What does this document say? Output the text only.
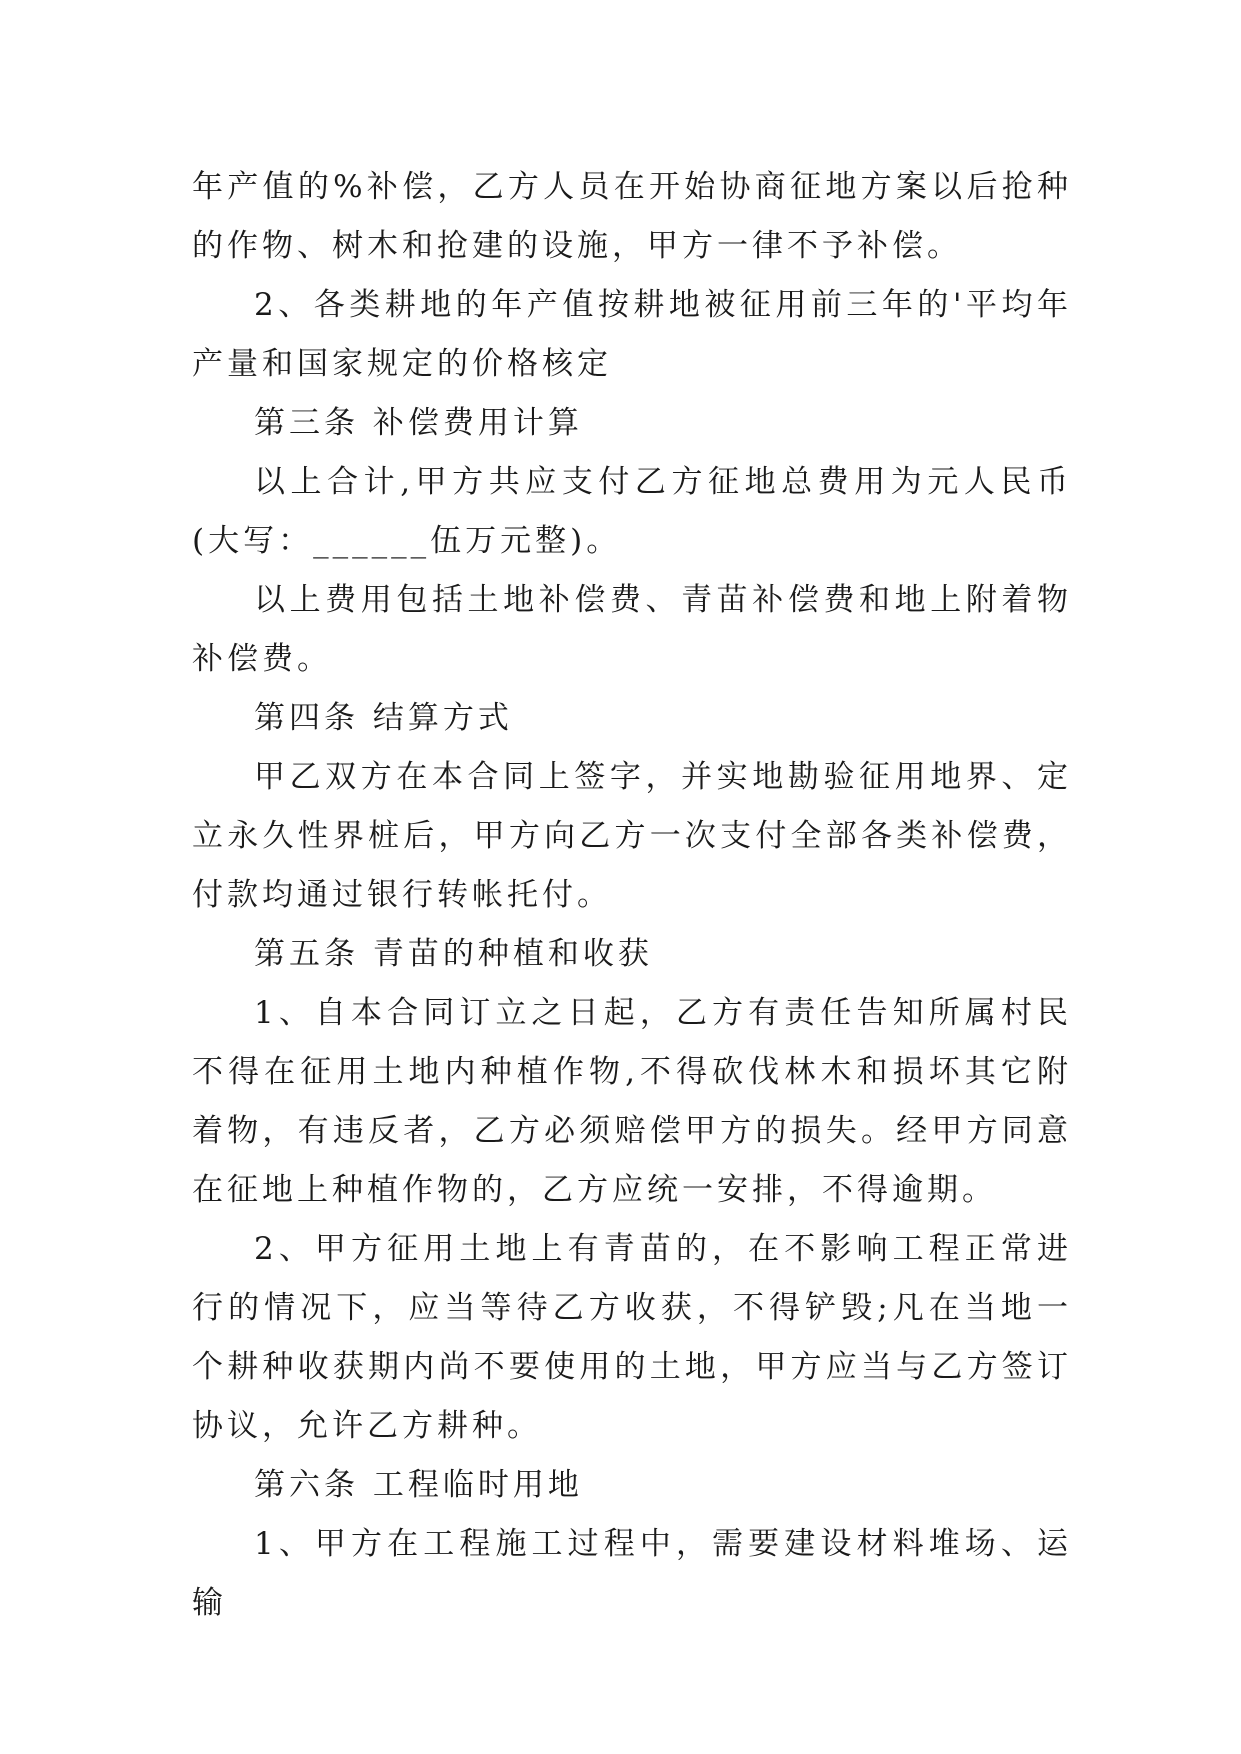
年产值的%补偿，乙方人员在开始协商征地方案以后抢种的作物、树木和抢建的设施，甲方一律不予补偿。

2、各类耕地的年产值按耕地被征用前三年的'平均年产量和国家规定的价格核定

第三条 补偿费用计算

以上合计,甲方共应支付乙方征地总费用为元人民币(大写：______伍万元整)。

以上费用包括土地补偿费、青苗补偿费和地上附着物补偿费。

第四条 结算方式

甲乙双方在本合同上签字，并实地勘验征用地界、定立永久性界桩后，甲方向乙方一次支付全部各类补偿费，付款均通过银行转帐托付。

第五条 青苗的种植和收获

1、自本合同订立之日起，乙方有责任告知所属村民不得在征用土地内种植作物,不得砍伐林木和损坏其它附着物，有违反者，乙方必须赔偿甲方的损失。经甲方同意在征地上种植作物的，乙方应统一安排，不得逾期。

2、甲方征用土地上有青苗的，在不影响工程正常进行的情况下，应当等待乙方收获，不得铲毁;凡在当地一个耕种收获期内尚不要使用的土地，甲方应当与乙方签订协议，允许乙方耕种。

第六条 工程临时用地

1、甲方在工程施工过程中，需要建设材料堆场、运输
